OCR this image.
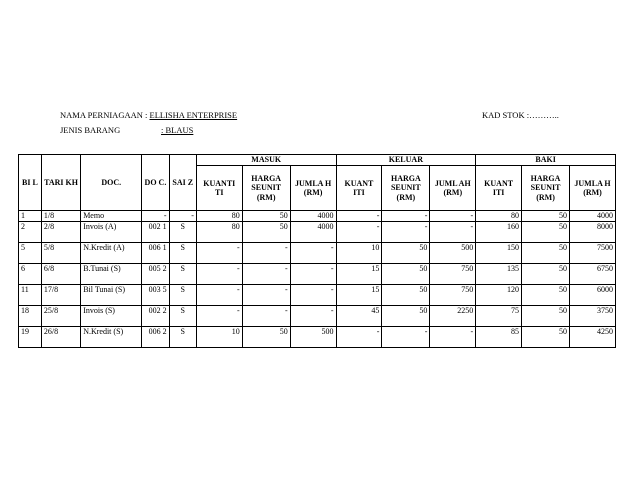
NAMA PERNIAGAAN : ELLISHA ENTERPRISE
JENIS BARANG	: BLAUS
KAD STOK :………..
BI L	TARI KH	DOC.	DO C.	SAI Z	MASUK			KELUAR			BAKI		
					KUANTI TI	HARGA SEUNIT (RM)	JUMLA H (RM)	KUANT ITI	HARGA SEUNIT (RM)	JUML AH (RM)	KUANT ITI	HARGA SEUNIT (RM)	JUMLA H (RM)
1	1/8	Memo	-	-	80	50	4000	-	-	-	80	50	4000
2	2/8	Invois (A)	002 1	S	80	50	4000	-	-	-	160	50	8000
5	5/8	N.Kredit (A)	006 1	S	-	-	-	10	50	500	150	50	7500
6	6/8	B.Tunai (S)	005 2	S	-	-	-	15	50	750	135	50	6750
11	17/8	Bil Tunai (S)	003 5	S	-	-	-	15	50	750	120	50	6000
18	25/8	Invois (S)	002 2	S	-	-	-	45	50	2250	75	50	3750
19	26/8	N.Kredit (S)	006 2	S	10	50	500	-	-	-	85	50	4250
